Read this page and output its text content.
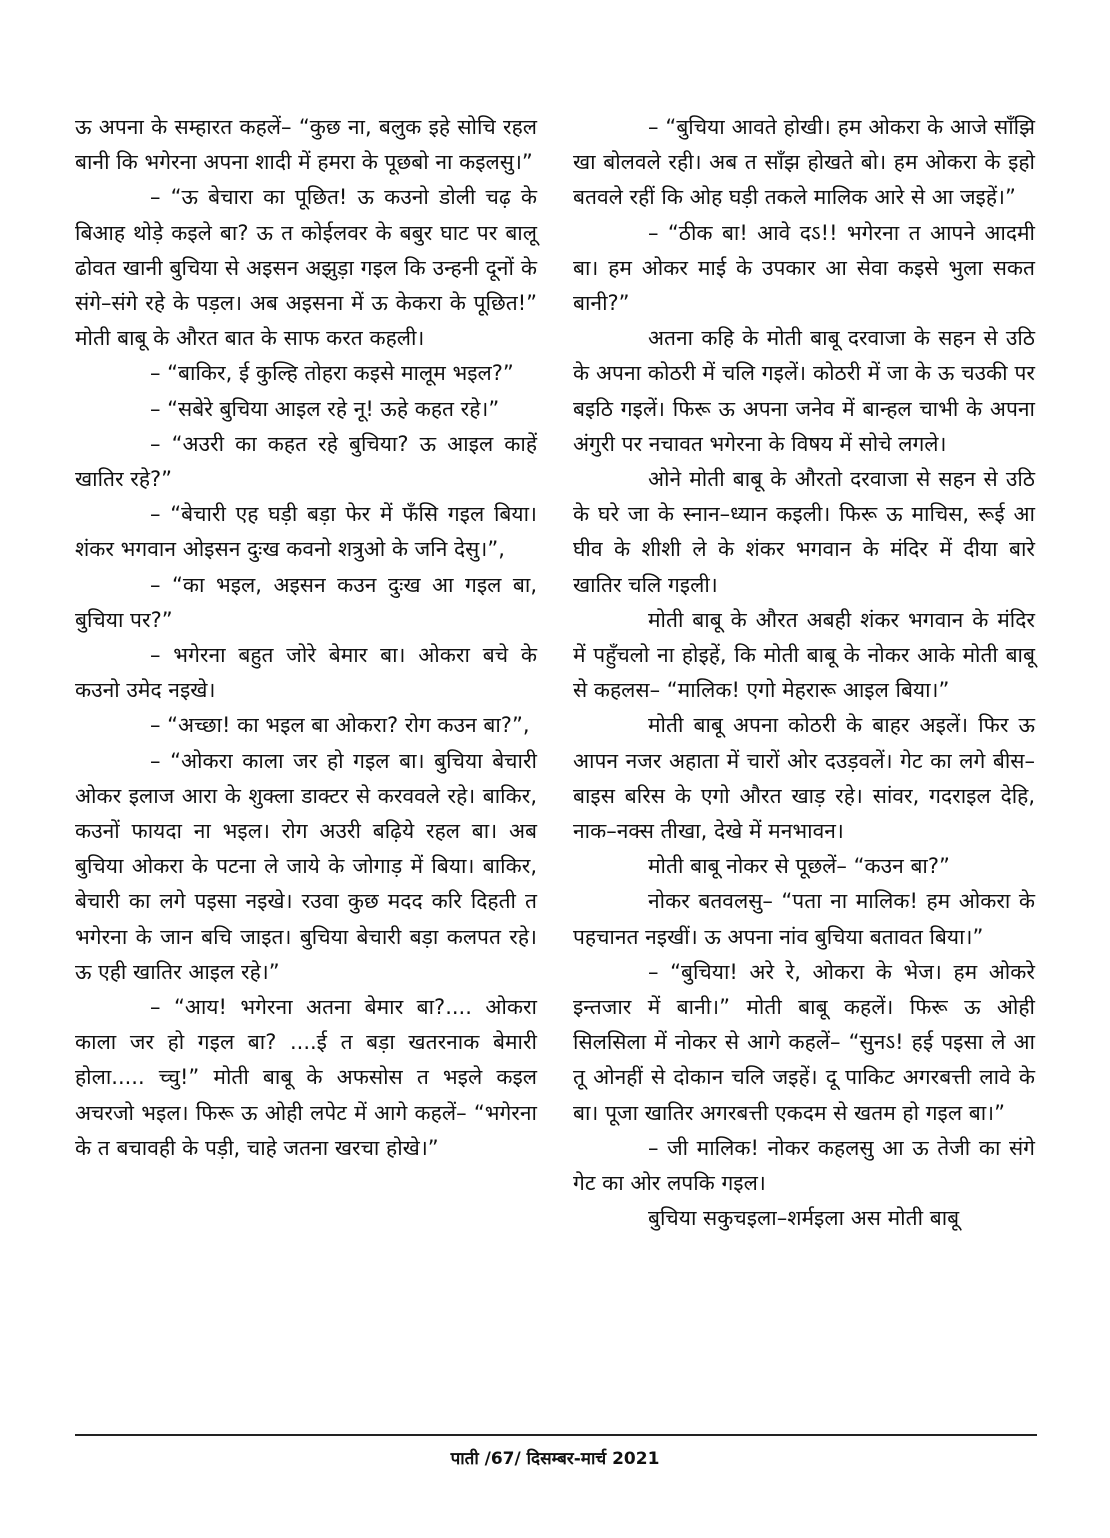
ऊ अपना के सम्हारत कहलें– “कुछ ना, बलुक इहे सोचि रहल बानी कि भगेरना अपना शादी में हमरा के पूछबो ना कइलसु।”

– “ऊ बेचारा का पूछित! ऊ कउनो डोली चढ़ के बिआह थोड़े कइले बा? ऊ त कोईलवर के बबुर घाट पर बालू ढोवत खानी बुचिया से अइसन अझुड़ा गइल कि उन्हनी दूनों के संगे–संगे रहे के पड़ल। अब अइसना में ऊ केकरा के पूछित!” मोती बाबू के औरत बात के साफ करत कहली।

– “बाकिर, ई कुल्हि तोहरा कइसे मालूम भइल?”

– “सबेरे बुचिया आइल रहे नू! ऊहे कहत रहे।”

– “अउरी का कहत रहे बुचिया? ऊ आइल काहें खातिर रहे?”

– “बेचारी एह घड़ी बड़ा फेर में फँसि गइल बिया। शंकर भगवान ओइसन दुःख कवनो शत्रुओ के जनि देसु।”,

– “का भइल, अइसन कउन दुःख आ गइल बा, बुचिया पर?”

– भगेरना बहुत जोरे बेमार बा। ओकरा बचे के कउनो उमेद नइखे।

– “अच्छा! का भइल बा ओकरा? रोग कउन बा?”,

– “ओकरा काला जर हो गइल बा। बुचिया बेचारी ओकर इलाज आरा के शुक्ला डाक्टर से करववले रहे। बाकिर, कउनों फायदा ना भइल। रोग अउरी बढ़िये रहल बा। अब बुचिया ओकरा के पटना ले जाये के जोगाड़ में बिया। बाकिर, बेचारी का लगे पइसा नइखे। रउवा कुछ मदद करि दिहती त भगेरना के जान बचि जाइत। बुचिया बेचारी बड़ा कलपत रहे। ऊ एही खातिर आइल रहे।”

– “आय! भगेरना अतना बेमार बा?.... ओकरा काला जर हो गइल बा? ....ई त बड़ा खतरनाक बेमारी होला..... च्चु!” मोती बाबू के अफसोस त भइले कइल अचरजो भइल। फिरू ऊ ओही लपेट में आगे कहलें– “भगेरना के त बचावही के पड़ी, चाहे जतना खरचा होखे।”

– “बुचिया आवते होखी। हम ओकरा के आजे साँझि खा बोलवले रही। अब त साँझ होखते बो। हम ओकरा के इहो बतवले रहीं कि ओह घड़ी तकले मालिक आरे से आ जइहें।”

– “ठीक बा! आवे दऽ!! भगेरना त आपने आदमी बा। हम ओकर माई के उपकार आ सेवा कइसे भुला सकत बानी?”

अतना कहि के मोती बाबू दरवाजा के सहन से उठि के अपना कोठरी में चलि गइलें। कोठरी में जा के ऊ चउकी पर बइठि गइलें। फिरू ऊ अपना जनेव में बान्हल चाभी के अपना अंगुरी पर नचावत भगेरना के विषय में सोचे लगले।

ओने मोती बाबू के औरतो दरवाजा से सहन से उठि के घरे जा के स्नान–ध्यान कइली। फिरू ऊ माचिस, रूई आ घीव के शीशी ले के शंकर भगवान के मंदिर में दीया बारे खातिर चलि गइली।

मोती बाबू के औरत अबही शंकर भगवान के मंदिर में पहुँचलो ना होइहें, कि मोती बाबू के नोकर आके मोती बाबू से कहलस– “मालिक! एगो मेहरारू आइल बिया।”

मोती बाबू अपना कोठरी के बाहर अइलें। फिर ऊ आपन नजर अहाता में चारों ओर दउड़वलें। गेट का लगे बीस–बाइस बरिस के एगो औरत खाड़ रहे। सांवर, गदराइल देहि, नाक–नक्स तीखा, देखे में मनभावन।

मोती बाबू नोकर से पूछलें– “कउन बा?”

नोकर बतवलसु– “पता ना मालिक! हम ओकरा के पहचानत नइखीं। ऊ अपना नांव बुचिया बतावत बिया।”

– “बुचिया! अरे रे, ओकरा के भेज। हम ओकरे इन्तजार में बानी।” मोती बाबू कहलें। फिरू ऊ ओही सिलसिला में नोकर से आगे कहलें– “सुनऽ! हई पइसा ले आ तू ओनहीं से दोकान चलि जइहें। दू पाकिट अगरबत्ती लावे के बा। पूजा खातिर अगरबत्ती एकदम से खतम हो गइल बा।”

– जी मालिक! नोकर कहलसु आ ऊ तेजी का संगे गेट का ओर लपकि गइल।

बुचिया सकुचइला–शर्मइला अस मोती बाबू

पाती /67/ दिसम्बर-मार्च 2021
